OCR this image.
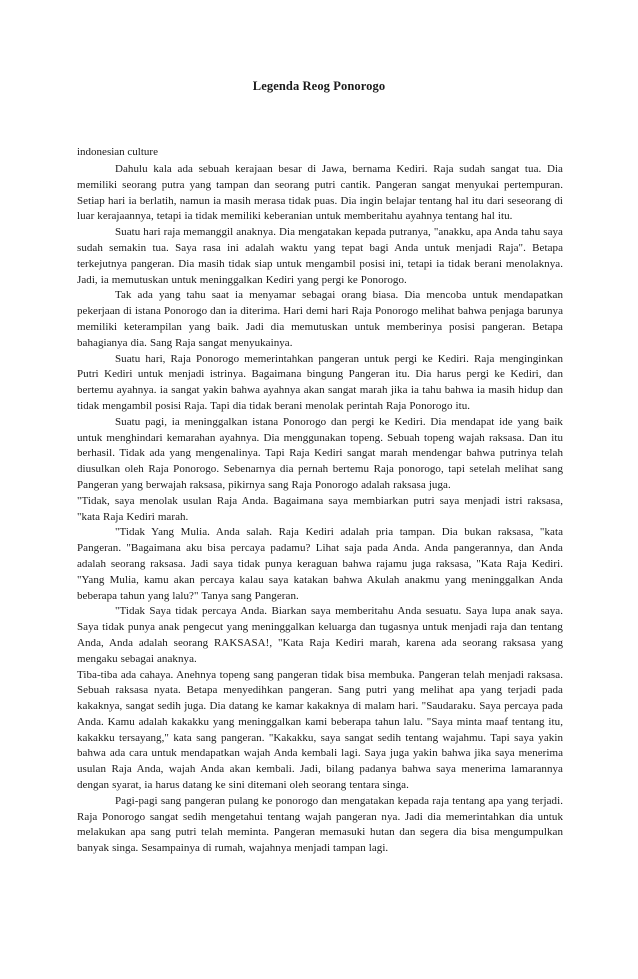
Legenda Reog Ponorogo
indonesian culture

Dahulu kala ada sebuah kerajaan besar di Jawa, bernama Kediri. Raja sudah sangat tua. Dia memiliki seorang putra yang tampan dan seorang putri cantik. Pangeran sangat menyukai pertempuran. Setiap hari ia berlatih, namun ia masih merasa tidak puas. Dia ingin belajar tentang hal itu dari seseorang di luar kerajaannya, tetapi ia tidak memiliki keberanian untuk memberitahu ayahnya tentang hal itu.

Suatu hari raja memanggil anaknya. Dia mengatakan kepada putranya, "anakku, apa Anda tahu saya sudah semakin tua. Saya rasa ini adalah waktu yang tepat bagi Anda untuk menjadi Raja". Betapa terkejutnya pangeran. Dia masih tidak siap untuk mengambil posisi ini, tetapi ia tidak berani menolaknya. Jadi, ia memutuskan untuk meninggalkan Kediri yang pergi ke Ponorogo.

Tak ada yang tahu saat ia menyamar sebagai orang biasa. Dia mencoba untuk mendapatkan pekerjaan di istana Ponorogo dan ia diterima. Hari demi hari Raja Ponorogo melihat bahwa penjaga barunya memiliki keterampilan yang baik. Jadi dia memutuskan untuk memberinya posisi pangeran. Betapa bahagianya dia. Sang Raja sangat menyukainya.

Suatu hari, Raja Ponorogo memerintahkan pangeran untuk pergi ke Kediri. Raja menginginkan Putri Kediri untuk menjadi istrinya. Bagaimana bingung Pangeran itu. Dia harus pergi ke Kediri, dan bertemu ayahnya. ia sangat yakin bahwa ayahnya akan sangat marah jika ia tahu bahwa ia masih hidup dan tidak mengambil posisi Raja. Tapi dia tidak berani menolak perintah Raja Ponorogo itu.

Suatu pagi, ia meninggalkan istana Ponorogo dan pergi ke Kediri. Dia mendapat ide yang baik untuk menghindari kemarahan ayahnya. Dia menggunakan topeng. Sebuah topeng wajah raksasa. Dan itu berhasil. Tidak ada yang mengenalinya. Tapi Raja Kediri sangat marah mendengar bahwa putrinya telah diusulkan oleh Raja Ponorogo. Sebenarnya dia pernah bertemu Raja ponorogo, tapi setelah melihat sang Pangeran yang berwajah raksasa, pikirnya sang Raja Ponorogo adalah raksasa juga.

"Tidak, saya menolak usulan Raja Anda. Bagaimana saya membiarkan putri saya menjadi istri raksasa, "kata Raja Kediri marah.

"Tidak Yang Mulia. Anda salah. Raja Kediri adalah pria tampan. Dia bukan raksasa, "kata Pangeran. "Bagaimana aku bisa percaya padamu? Lihat saja pada Anda. Anda pangerannya, dan Anda adalah seorang raksasa. Jadi saya tidak punya keraguan bahwa rajamu juga raksasa, "Kata Raja Kediri. "Yang Mulia, kamu akan percaya kalau saya katakan bahwa Akulah anakmu yang meninggalkan Anda beberapa tahun yang lalu?" Tanya sang Pangeran.

"Tidak Saya tidak percaya Anda. Biarkan saya memberitahu Anda sesuatu. Saya lupa anak saya. Saya tidak punya anak pengecut yang meninggalkan keluarga dan tugasnya untuk menjadi raja dan tentang Anda, Anda adalah seorang RAKSASA!, "Kata Raja Kediri marah, karena ada seorang raksasa yang mengaku sebagai anaknya.

Tiba-tiba ada cahaya. Anehnya topeng sang pangeran tidak bisa membuka. Pangeran telah menjadi raksasa. Sebuah raksasa nyata. Betapa menyedihkan pangeran. Sang putri yang melihat apa yang terjadi pada kakaknya, sangat sedih juga. Dia datang ke kamar kakaknya di malam hari. "Saudaraku. Saya percaya pada Anda. Kamu adalah kakakku yang meninggalkan kami beberapa tahun lalu. "Saya minta maaf tentang itu, kakakku tersayang," kata sang pangeran. "Kakakku, saya sangat sedih tentang wajahmu. Tapi saya yakin bahwa ada cara untuk mendapatkan wajah Anda kembali lagi. Saya juga yakin bahwa jika saya menerima usulan Raja Anda, wajah Anda akan kembali. Jadi, bilang padanya bahwa saya menerima lamarannya dengan syarat, ia harus datang ke sini ditemani oleh seorang tentara singa.

Pagi-pagi sang pangeran pulang ke ponorogo dan mengatakan kepada raja tentang apa yang terjadi. Raja Ponorogo sangat sedih mengetahui tentang wajah pangeran nya. Jadi dia memerintahkan dia untuk melakukan apa sang putri telah meminta. Pangeran memasuki hutan dan segera dia bisa mengumpulkan banyak singa. Sesampainya di rumah, wajahnya menjadi tampan lagi.
